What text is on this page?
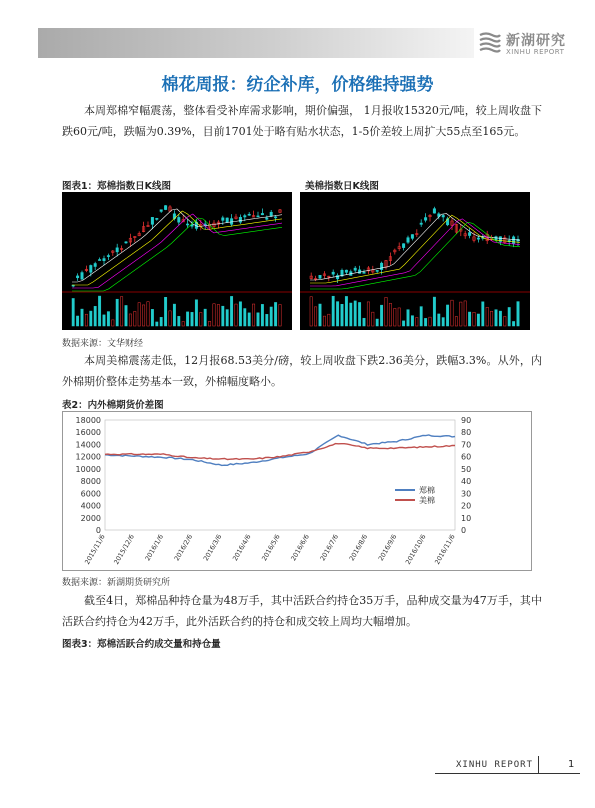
新湖研究
XINHU REPORT
棉花周报：纺企补库，价格维持强势

本周郑棉窄幅震荡，整体看受补库需求影响，期价偏强， 1月报收15320元/吨，较上周收盘下跌60元/吨，跌幅为0.39%，目前1701处于略有贴水状态，1-5价差较上周扩大55点至165元。

图表1：郑棉指数日K线图	美棉指数日K线图
数据来源：文华财经

本周美棉震荡走低，12月报68.53美分/磅，较上周收盘下跌2.36美分，跌幅3.3%。从外，内外棉期价整体走势基本一致，外棉幅度略小。

表2：内外棉期货价差图
0
2000
4000
6000
8000
10000
12000
14000
16000
18000
0
10
20
30
40
50
60
70
80
90
2015/11/6 2015/12/6 2016/1/6 2016/2/6 2016/3/6 2016/4/6 2016/5/6 2016/6/6 2016/7/6 2016/8/6 2016/9/6 2016/10/6 2016/11/6
郑棉
美棉
数据来源：新湖期货研究所

截至4日，郑棉品种持仓量为48万手，其中活跃合约持仓35万手，品种成交量为47万手，其中活跃合约持仓为42万手，此外活跃合约的持仓和成交较上周均大幅增加。

图表3：郑棉活跃合约成交量和持仓量
XINHU REPORT	1
